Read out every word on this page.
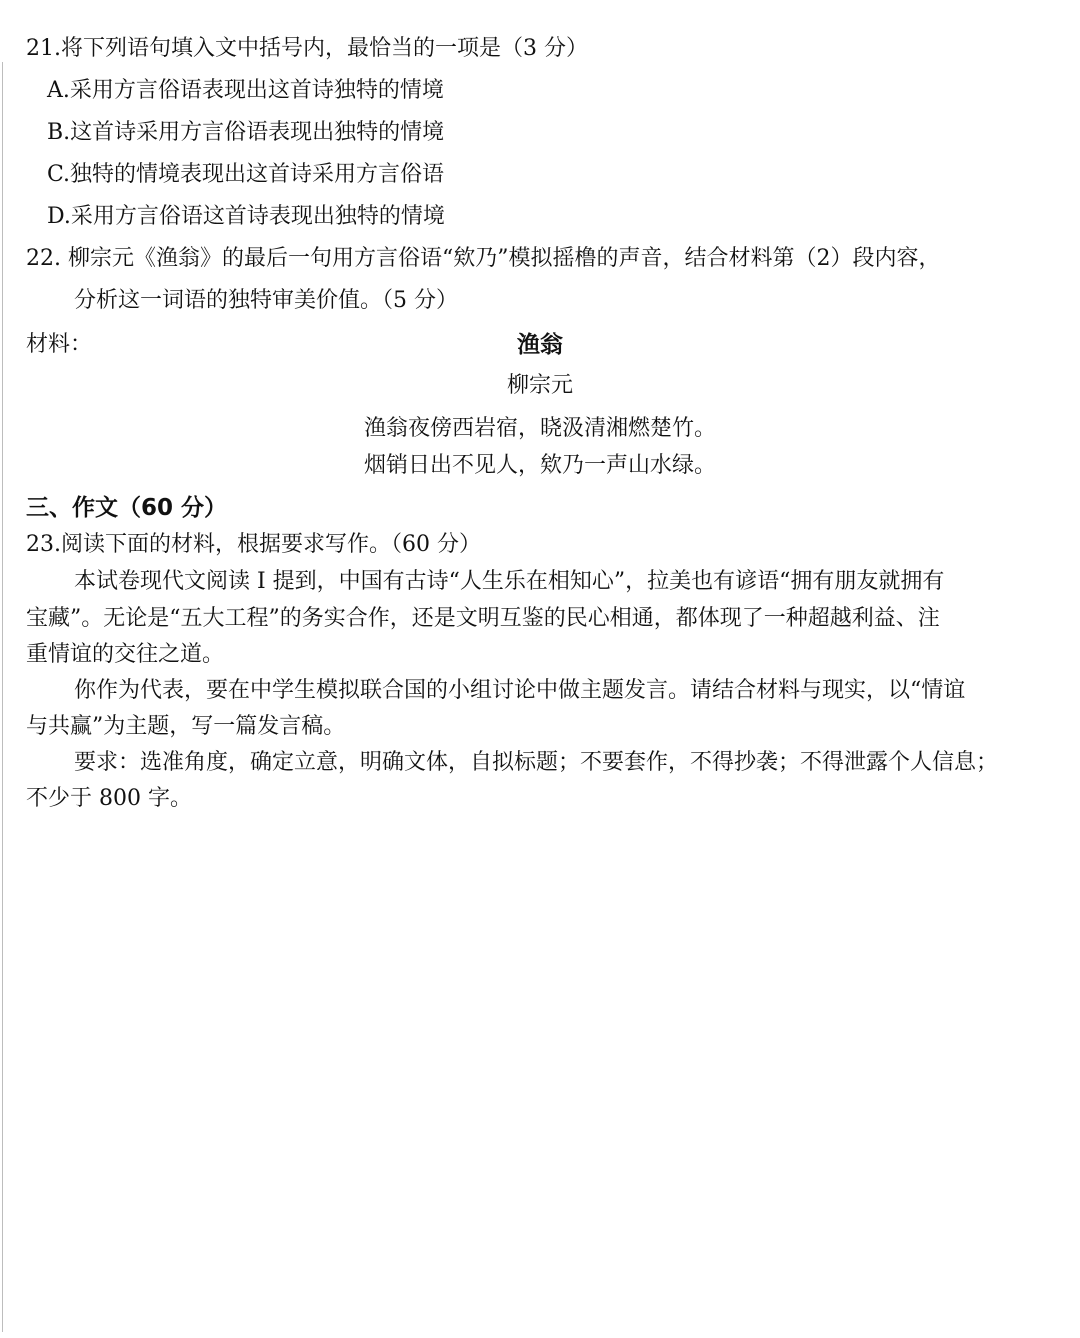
21.将下列语句填入文中括号内，最恰当的一项是（3 分）
A.采用方言俗语表现出这首诗独特的情境
B.这首诗采用方言俗语表现出独特的情境
C.独特的情境表现出这首诗采用方言俗语
D.采用方言俗语这首诗表现出独特的情境
22. 柳宗元《渔翁》的最后一句用方言俗语“欸乃”模拟摇橹的声音，结合材料第（2）段内容，
分析这一词语的独特审美价值。（5 分）
材料：	渔翁
柳宗元
渔翁夜傍西岩宿，晓汲清湘燃楚竹。
烟销日出不见人，欸乃一声山水绿。
三、作文（60 分）
23.阅读下面的材料，根据要求写作。（60 分）
本试卷现代文阅读 I 提到，中国有古诗“人生乐在相知心”，拉美也有谚语“拥有朋友就拥有
宝藏”。无论是“五大工程”的务实合作，还是文明互鉴的民心相通，都体现了一种超越利益、注
重情谊的交往之道。
你作为代表，要在中学生模拟联合国的小组讨论中做主题发言。请结合材料与现实，以“情谊
与共赢”为主题，写一篇发言稿。
要求：选准角度，确定立意，明确文体，自拟标题；不要套作，不得抄袭；不得泄露个人信息；
不少于 800 字。
